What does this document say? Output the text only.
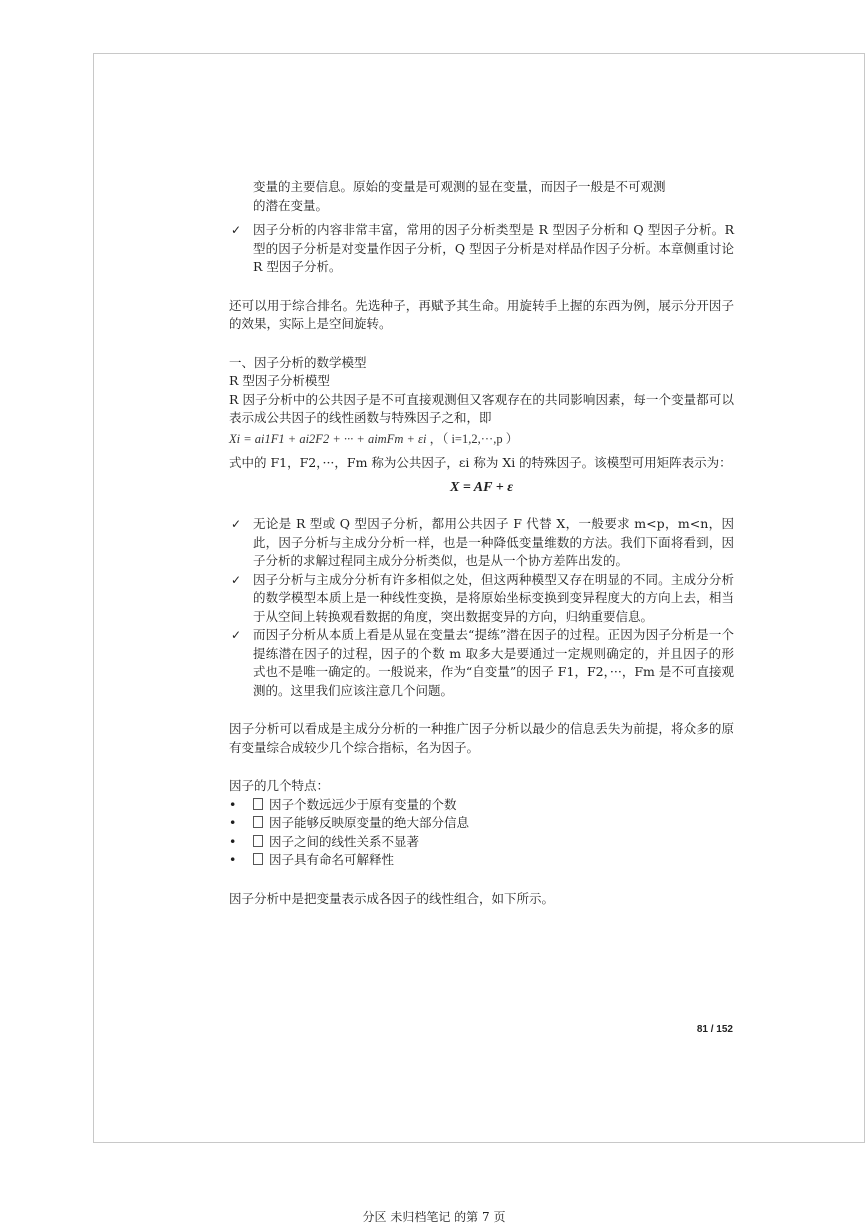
变量的主要信息。原始的变量是可观测的显在变量，而因子一般是不可观测
的潜在变量。

✓ 因子分析的内容非常丰富，常用的因子分析类型是 R 型因子分析和 Q 型因子分析。R 型的因子分析是对变量作因子分析，Q 型因子分析是对样品作因子分析。本章侧重讨论 R 型因子分析。

还可以用于综合排名。先选种子，再赋予其生命。用旋转手上握的东西为例，展示分开因子的效果，实际上是空间旋转。

一、因子分析的数学模型

R 型因子分析模型

R 因子分析中的公共因子是不可直接观测但又客观存在的共同影响因素，每一个变量都可以表示成公共因子的线性函数与特殊因子之和，即

Xi = ai1F1 + ai2F2 + ··· + aimFm + εi ，（ i=1,2,···,p ）

式中的 F1，F2，···，Fm 称为公共因子，εi 称为 Xi 的特殊因子。该模型可用矩阵表示为：

X = AF + ε

✓ 无论是 R 型或 Q 型因子分析，都用公共因子 F 代替 X，一般要求 m<p，m<n，因此，因子分析与主成分分析一样，也是一种降低变量维数的方法。我们下面将看到，因子分析的求解过程同主成分分析类似，也是从一个协方差阵出发的。

✓ 因子分析与主成分分析有许多相似之处，但这两种模型又存在明显的不同。主成分分析的数学模型本质上是一种线性变换，是将原始坐标变换到变异程度大的方向上去，相当于从空间上转换观看数据的角度，突出数据变异的方向，归纳重要信息。

✓ 而因子分析从本质上看是从显在变量去“提练”潜在因子的过程。正因为因子分析是一个提练潜在因子的过程，因子的个数 m 取多大是要通过一定规则确定的，并且因子的形式也不是唯一确定的。一般说来，作为“自变量”的因子 F1，F2，···，Fm 是不可直接观测的。这里我们应该注意几个问题。

因子分析可以看成是主成分分析的一种推广因子分析以最少的信息丢失为前提，将众多的原有变量综合成较少几个综合指标，名为因子。

因子的几个特点：

• 因子个数远远少于原有变量的个数

• 因子能够反映原变量的绝大部分信息

• 因子之间的线性关系不显著

• 因子具有命名可解释性

因子分析中是把变量表示成各因子的线性组合，如下所示。

81 / 152
分区 未归档笔记 的第 7 页
